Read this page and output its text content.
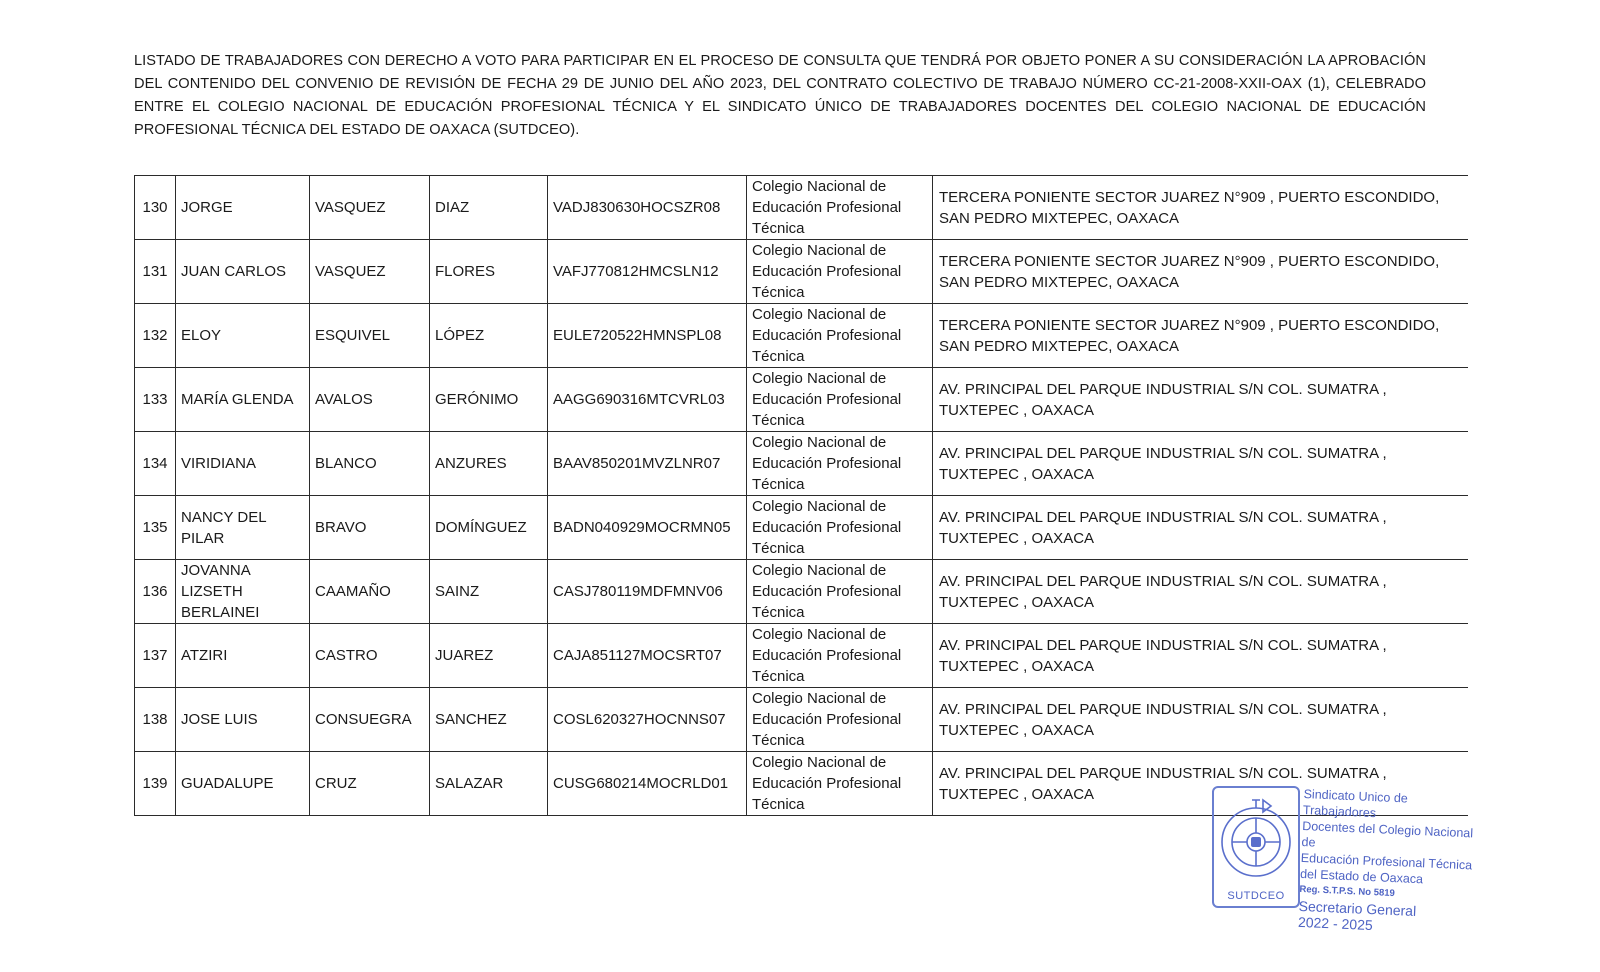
LISTADO DE TRABAJADORES CON DERECHO A VOTO PARA PARTICIPAR EN EL PROCESO DE CONSULTA QUE TENDRÁ POR OBJETO PONER A SU CONSIDERACIÓN LA APROBACIÓN DEL CONTENIDO DEL CONVENIO DE REVISIÓN DE FECHA 29 DE JUNIO DEL AÑO 2023, DEL CONTRATO COLECTIVO DE TRABAJO NÚMERO CC-21-2008-XXII-OAX (1), CELEBRADO ENTRE EL COLEGIO NACIONAL DE EDUCACIÓN PROFESIONAL TÉCNICA Y EL SINDICATO ÚNICO DE TRABAJADORES DOCENTES DEL COLEGIO NACIONAL DE EDUCACIÓN PROFESIONAL TÉCNICA DEL ESTADO DE OAXACA (SUTDCEO).
130	JORGE	VASQUEZ	DIAZ	VADJ830630HOCSZR08	Colegio Nacional de Educación Profesional Técnica	TERCERA PONIENTE SECTOR JUAREZ N°909 , PUERTO ESCONDIDO, SAN PEDRO MIXTEPEC, OAXACA
131	JUAN CARLOS	VASQUEZ	FLORES	VAFJ770812HMCSLN12	Colegio Nacional de Educación Profesional Técnica	TERCERA PONIENTE SECTOR JUAREZ N°909 , PUERTO ESCONDIDO, SAN PEDRO MIXTEPEC, OAXACA
132	ELOY	ESQUIVEL	LÓPEZ	EULE720522HMNSPL08	Colegio Nacional de Educación Profesional Técnica	TERCERA PONIENTE SECTOR JUAREZ N°909 , PUERTO ESCONDIDO, SAN PEDRO MIXTEPEC, OAXACA
133	MARÍA GLENDA	AVALOS	GERÓNIMO	AAGG690316MTCVRL03	Colegio Nacional de Educación Profesional Técnica	AV. PRINCIPAL DEL PARQUE INDUSTRIAL S/N COL. SUMATRA , TUXTEPEC , OAXACA
134	VIRIDIANA	BLANCO	ANZURES	BAAV850201MVZLNR07	Colegio Nacional de Educación Profesional Técnica	AV. PRINCIPAL DEL PARQUE INDUSTRIAL S/N COL. SUMATRA , TUXTEPEC , OAXACA
135	NANCY DEL PILAR	BRAVO	DOMÍNGUEZ	BADN040929MOCRMN05	Colegio Nacional de Educación Profesional Técnica	AV. PRINCIPAL DEL PARQUE INDUSTRIAL S/N COL. SUMATRA , TUXTEPEC , OAXACA
136	JOVANNA LIZSETH BERLAINEI	CAAMAÑO	SAINZ	CASJ780119MDFMNV06	Colegio Nacional de Educación Profesional Técnica	AV. PRINCIPAL DEL PARQUE INDUSTRIAL S/N COL. SUMATRA , TUXTEPEC , OAXACA
137	ATZIRI	CASTRO	JUAREZ	CAJA851127MOCSRT07	Colegio Nacional de Educación Profesional Técnica	AV. PRINCIPAL DEL PARQUE INDUSTRIAL S/N COL. SUMATRA , TUXTEPEC , OAXACA
138	JOSE LUIS	CONSUEGRA	SANCHEZ	COSL620327HOCNNS07	Colegio Nacional de Educación Profesional Técnica	AV. PRINCIPAL DEL PARQUE INDUSTRIAL S/N COL. SUMATRA , TUXTEPEC , OAXACA
139	GUADALUPE	CRUZ	SALAZAR	CUSG680214MOCRLD01	Colegio Nacional de Educación Profesional Técnica	AV. PRINCIPAL DEL PARQUE INDUSTRIAL S/N COL. SUMATRA , TUXTEPEC , OAXACA
SUTDCEO
Sindicato Unico de Trabajadores
Docentes del Colegio Nacional de
Educación Profesional Técnica
del Estado de Oaxaca
Reg. S.T.P.S. No 5819
Secretario General
2022 - 2025
